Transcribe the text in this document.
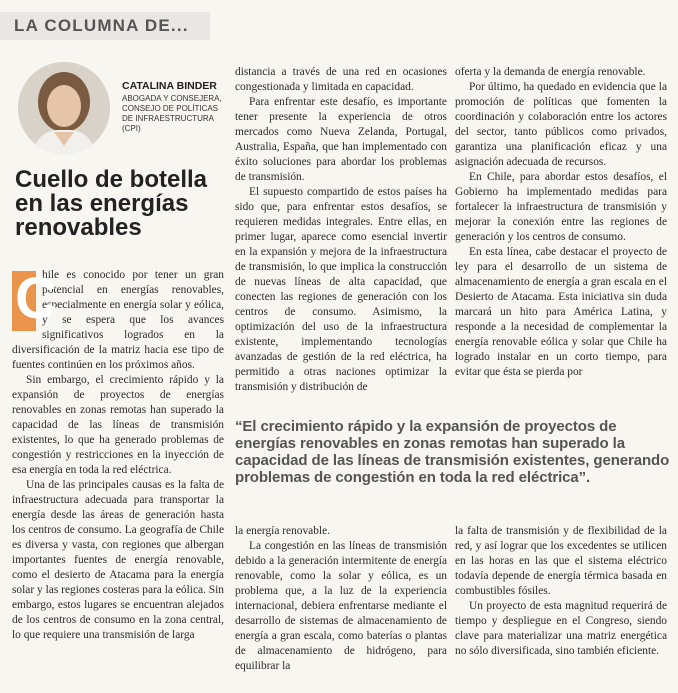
LA COLUMNA DE...
CATALINA BINDER
ABOGADA Y CONSEJERA, CONSEJO DE POLÍTICAS DE INFRAESTRUCTURA (CPI)
Cuello de botella en las energías renovables

C
hile es conocido por tener un gran potencial en energías renovables, especialmente en energía solar y eólica, y se espera que los avances significativos logrados en la diversificación de la matriz hacia ese tipo de fuentes continúen en los próximos años.

Sin embargo, el crecimiento rápido y la expansión de proyectos de energías renovables en zonas remotas han superado la capacidad de las líneas de transmisión existentes, lo que ha generado problemas de congestión y restricciones en la inyección de esa energía en toda la red eléctrica.

Una de las principales causas es la falta de infraestructura adecuada para transportar la energía desde las áreas de generación hasta los centros de consumo. La geografía de Chile es diversa y vasta, con regiones que albergan importantes fuentes de energía renovable, como el desierto de Atacama para la energía solar y las regiones costeras para la eólica. Sin embargo, estos lugares se encuentran alejados de los centros de consumo en la zona central, lo que requiere una transmisión de larga

distancia a través de una red en ocasiones congestionada y limitada en capacidad.

Para enfrentar este desafío, es importante tener presente la experiencia de otros mercados como Nueva Zelanda, Portugal, Australia, España, que han implementado con éxito soluciones para abordar los problemas de transmisión.

El supuesto compartido de estos países ha sido que, para enfrentar estos desafíos, se requieren medidas integrales. Entre ellas, en primer lugar, aparece como esencial invertir en la expansión y mejora de la infraestructura de transmisión, lo que implica la construcción de nuevas líneas de alta capacidad, que conecten las regiones de generación con los centros de consumo. Asimismo, la optimización del uso de la infraestructura existente, implementando tecnologías avanzadas de gestión de la red eléctrica, ha permitido a otras naciones optimizar la transmisión y distribución de

oferta y la demanda de energía renovable.

Por último, ha quedado en evidencia que la promoción de políticas que fomenten la coordinación y colaboración entre los actores del sector, tanto públicos como privados, garantiza una planificación eficaz y una asignación adecuada de recursos.

En Chile, para abordar estos desafíos, el Gobierno ha implementado medidas para fortalecer la infraestructura de transmisión y mejorar la conexión entre las regiones de generación y los centros de consumo.

En esta línea, cabe destacar el proyecto de ley para el desarrollo de un sistema de almacenamiento de energía a gran escala en el Desierto de Atacama. Esta iniciativa sin duda marcará un hito para América Latina, y responde a la necesidad de complementar la energía renovable eólica y solar que Chile ha logrado instalar en un corto tiempo, para evitar que ésta se pierda por

“El crecimiento rápido y la expansión de proyectos de energías renovables en zonas remotas han superado la capacidad de las líneas de transmisión existentes, generando problemas de congestión en toda la red eléctrica”.

la energía renovable.

La congestión en las líneas de transmisión debido a la generación intermitente de energía renovable, como la solar y eólica, es un problema que, a la luz de la experiencia internacional, debiera enfrentarse mediante el desarrollo de sistemas de almacenamiento de energía a gran escala, como baterías o plantas de almacenamiento de hidrógeno, para equilibrar la

la falta de transmisión y de flexibilidad de la red, y así lograr que los excedentes se utilicen en las horas en las que el sistema eléctrico todavía depende de energía térmica basada en combustibles fósiles.

Un proyecto de esta magnitud requerirá de tiempo y despliegue en el Congreso, siendo clave para materializar una matriz energética no sólo diversificada, sino también eficiente.
